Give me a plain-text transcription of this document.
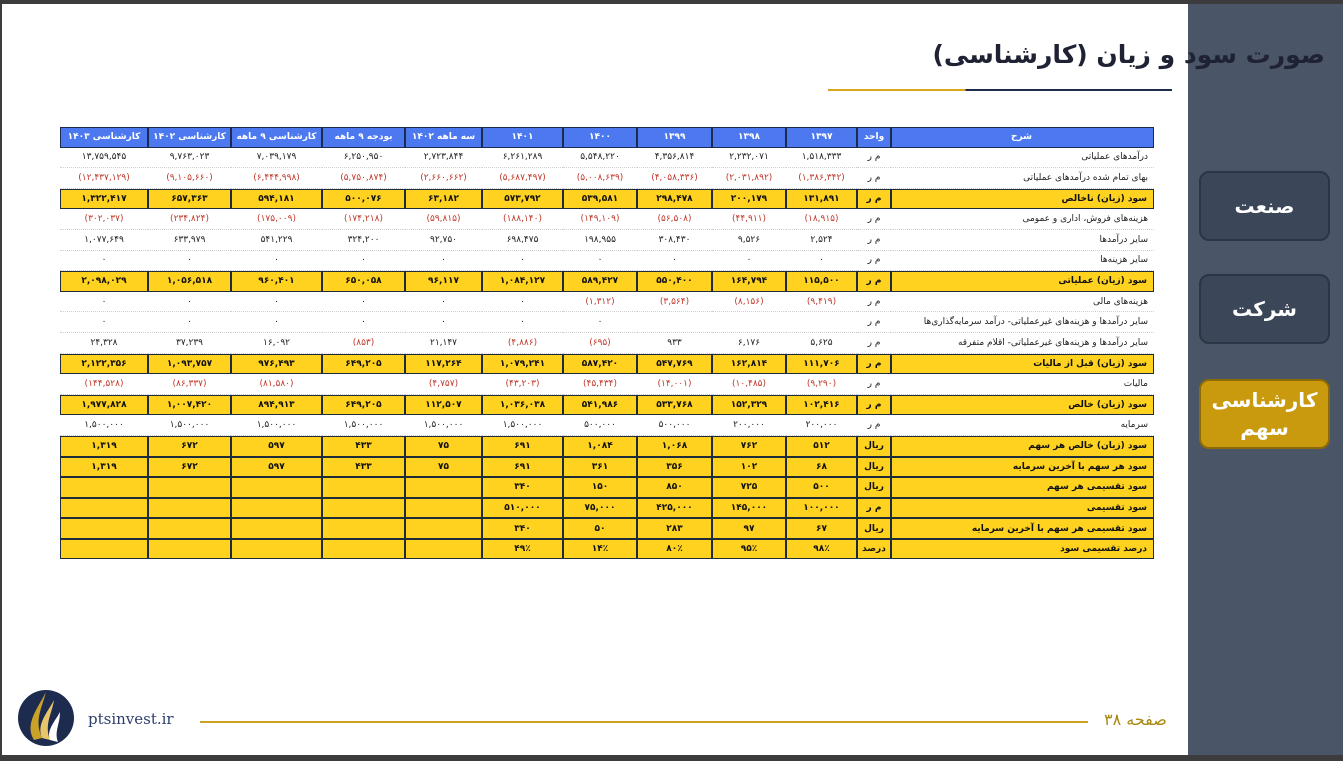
صورت سود و زیان (کارشناسی)
شرح	واحد	۱۳۹۷	۱۳۹۸	۱۳۹۹	۱۴۰۰	۱۴۰۱	سه ماهه ۱۴۰۲	بودجه ۹ ماهه	کارشناسی ۹ ماهه	کارشناسی ۱۴۰۲	کارشناسی ۱۴۰۳
درآمدهای عملیاتی	م ر	۱,۵۱۸,۳۳۳	۲,۲۳۲,۰۷۱	۴,۳۵۶,۸۱۴	۵,۵۴۸,۲۲۰	۶,۲۶۱,۲۸۹	۲,۷۲۳,۸۴۴	۶,۲۵۰,۹۵۰	۷,۰۳۹,۱۷۹	۹,۷۶۳,۰۲۳	۱۳,۷۵۹,۵۴۵
بهای تمام شده درآمدهای عملیاتی	م ر	(۱,۳۸۶,۳۴۲)	(۲,۰۳۱,۸۹۲)	(۴,۰۵۸,۳۳۶)	(۵,۰۰۸,۶۳۹)	(۵,۶۸۷,۴۹۷)	(۲,۶۶۰,۶۶۲)	(۵,۷۵۰,۸۷۴)	(۶,۴۴۴,۹۹۸)	(۹,۱۰۵,۶۶۰)	(۱۲,۴۳۷,۱۲۹)
سود (زیان) ناخالص	م ر	۱۳۱,۸۹۱	۲۰۰,۱۷۹	۲۹۸,۴۷۸	۵۳۹,۵۸۱	۵۷۳,۷۹۲	۶۳,۱۸۲	۵۰۰,۰۷۶	۵۹۴,۱۸۱	۶۵۷,۳۶۳	۱,۳۲۲,۴۱۷
هزینه‌های فروش، اداری و عمومی	م ر	(۱۸,۹۱۵)	(۴۴,۹۱۱)	(۵۶,۵۰۸)	(۱۴۹,۱۰۹)	(۱۸۸,۱۴۰)	(۵۹,۸۱۵)	(۱۷۴,۲۱۸)	(۱۷۵,۰۰۹)	(۲۳۴,۸۲۴)	(۳۰۲,۰۳۷)
سایر درآمدها	م ر	۲,۵۲۴	۹,۵۲۶	۳۰۸,۴۳۰	۱۹۸,۹۵۵	۶۹۸,۴۷۵	۹۲,۷۵۰	۳۲۴,۲۰۰	۵۴۱,۲۲۹	۶۳۳,۹۷۹	۱,۰۷۷,۶۴۹
سایر هزینه‌ها	م ر	۰	۰	۰	۰	۰	۰	۰	۰	۰	۰
سود (زیان) عملیاتی	م ر	۱۱۵,۵۰۰	۱۶۴,۷۹۴	۵۵۰,۴۰۰	۵۸۹,۴۲۷	۱,۰۸۴,۱۲۷	۹۶,۱۱۷	۶۵۰,۰۵۸	۹۶۰,۴۰۱	۱,۰۵۶,۵۱۸	۲,۰۹۸,۰۲۹
هزینه‌های مالی	م ر	(۹,۴۱۹)	(۸,۱۵۶)	(۳,۵۶۴)	(۱,۳۱۲)	۰	۰	۰	۰	۰	۰
سایر درآمدها و هزینه‌های غیرعملیاتی- درآمد سرمایه‌گذاری‌ها	م ر				۰	۰	۰	۰	۰	۰	۰
سایر درآمدها و هزینه‌های غیرعملیاتی- اقلام متفرقه	م ر	۵,۶۲۵	۶,۱۷۶	۹۳۳	(۶۹۵)	(۴,۸۸۶)	۲۱,۱۴۷	(۸۵۳)	۱۶,۰۹۲	۳۷,۲۳۹	۲۴,۳۲۸
سود (زیان) قبل از مالیات	م ر	۱۱۱,۷۰۶	۱۶۲,۸۱۴	۵۴۷,۷۶۹	۵۸۷,۴۲۰	۱,۰۷۹,۲۴۱	۱۱۷,۲۶۴	۶۴۹,۲۰۵	۹۷۶,۴۹۳	۱,۰۹۳,۷۵۷	۲,۱۲۲,۳۵۶
مالیات	م ر	(۹,۲۹۰)	(۱۰,۴۸۵)	(۱۴,۰۰۱)	(۴۵,۴۳۴)	(۴۳,۲۰۳)	(۴,۷۵۷)		(۸۱,۵۸۰)	(۸۶,۳۳۷)	(۱۴۴,۵۲۸)
سود (زیان) خالص	م ر	۱۰۲,۴۱۶	۱۵۲,۳۲۹	۵۳۳,۷۶۸	۵۴۱,۹۸۶	۱,۰۳۶,۰۳۸	۱۱۲,۵۰۷	۶۴۹,۲۰۵	۸۹۴,۹۱۳	۱,۰۰۷,۴۲۰	۱,۹۷۷,۸۲۸
سرمایه	م ر	۲۰۰,۰۰۰	۲۰۰,۰۰۰	۵۰۰,۰۰۰	۵۰۰,۰۰۰	۱,۵۰۰,۰۰۰	۱,۵۰۰,۰۰۰	۱,۵۰۰,۰۰۰	۱,۵۰۰,۰۰۰	۱,۵۰۰,۰۰۰	۱,۵۰۰,۰۰۰
سود (زیان) خالص هر سهم	ریال	۵۱۲	۷۶۲	۱,۰۶۸	۱,۰۸۴	۶۹۱	۷۵	۴۳۳	۵۹۷	۶۷۲	۱,۳۱۹
سود هر سهم با آخرین سرمایه	ریال	۶۸	۱۰۲	۳۵۶	۳۶۱	۶۹۱	۷۵	۴۳۳	۵۹۷	۶۷۲	۱,۳۱۹
سود تقسیمی هر سهم	ریال	۵۰۰	۷۲۵	۸۵۰	۱۵۰	۳۴۰					
سود تقسیمی	م ر	۱۰۰,۰۰۰	۱۴۵,۰۰۰	۴۲۵,۰۰۰	۷۵,۰۰۰	۵۱۰,۰۰۰					
سود تقسیمی هر سهم با آخرین سرمایه	ریال	۶۷	۹۷	۲۸۳	۵۰	۳۴۰					
درصد تقسیمی سود	درصد	۹۸٪	۹۵٪	۸۰٪	۱۴٪	۴۹٪					
صنعت
شرکت
کارشناسی سهم
ptsinvest.ir	صفحه ۳۸
